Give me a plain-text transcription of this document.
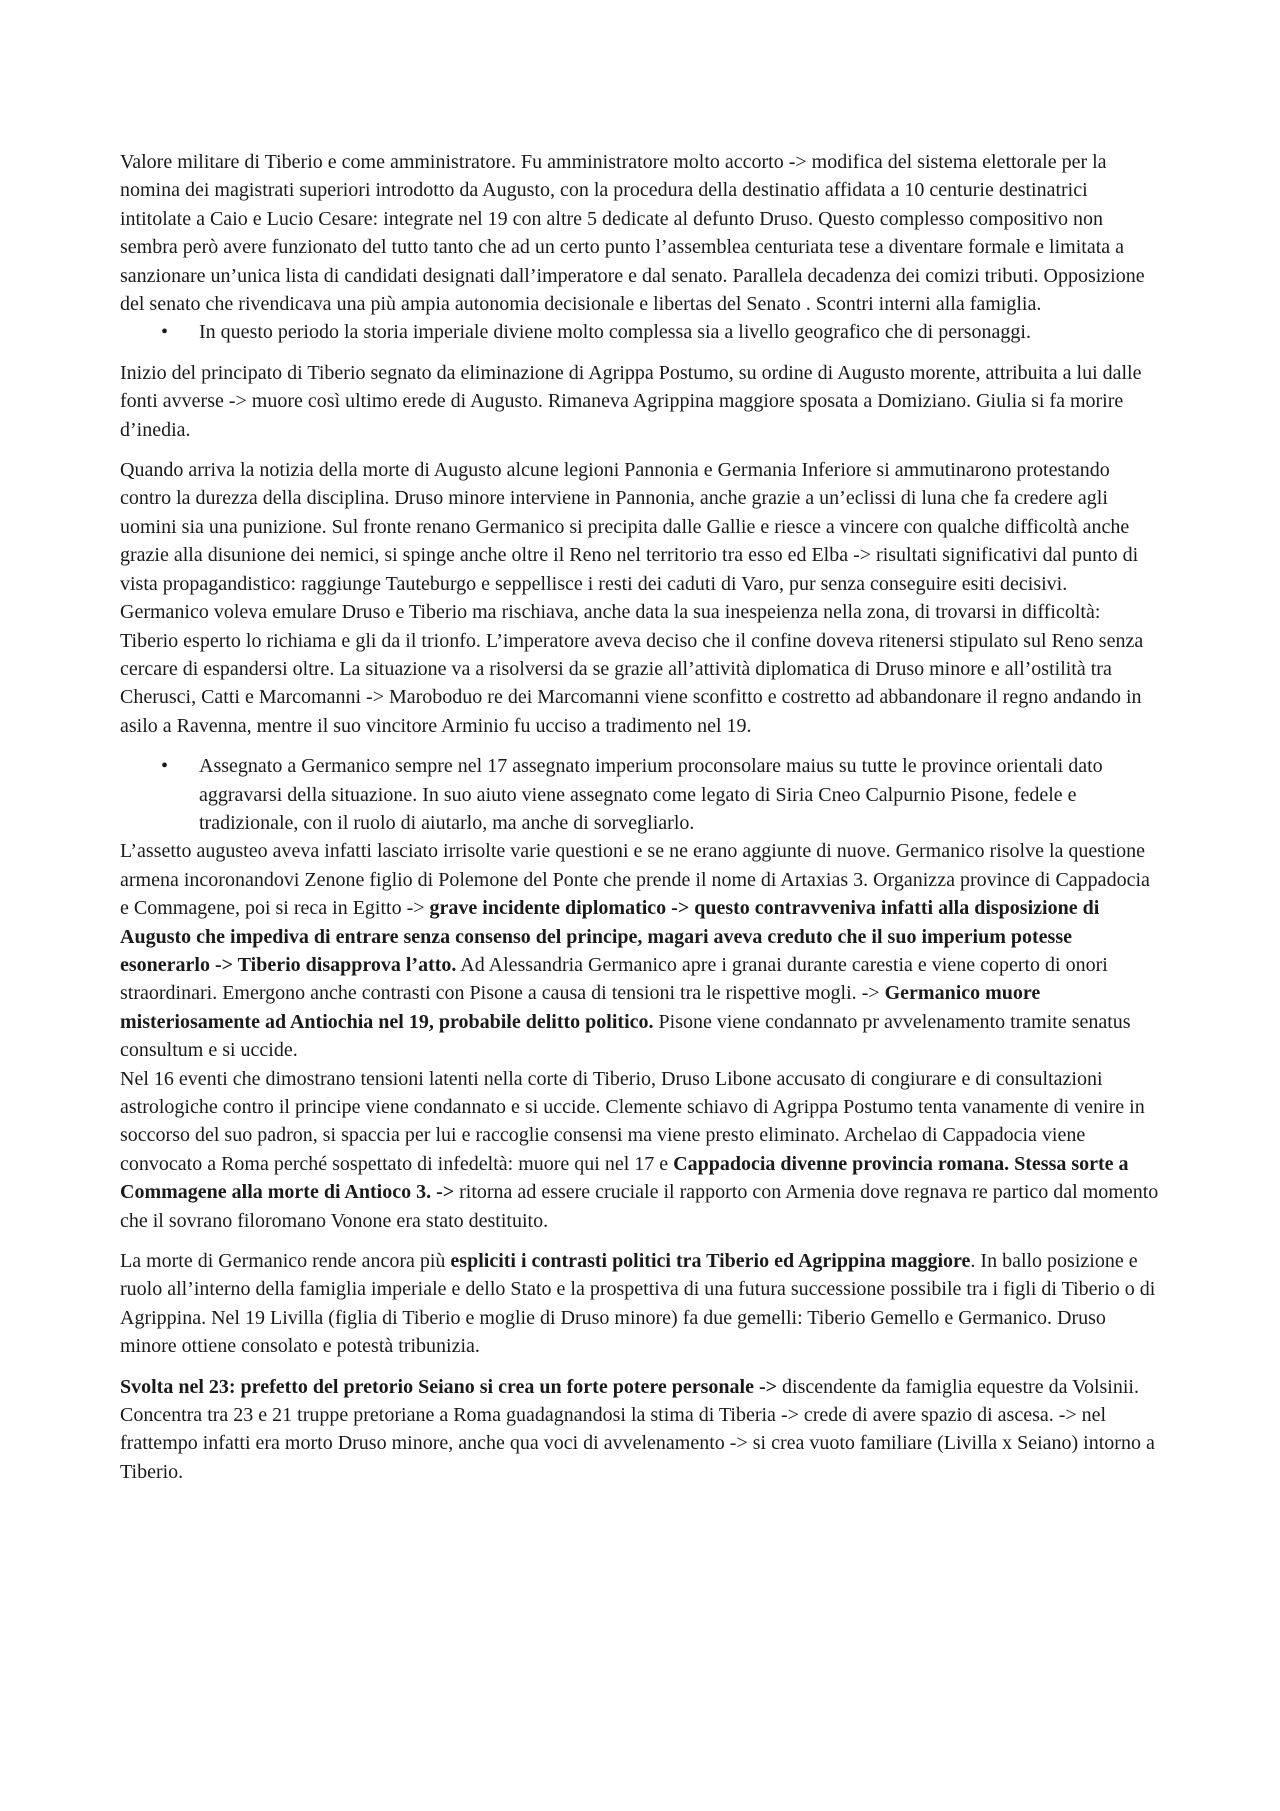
Valore militare di Tiberio e come amministratore. Fu amministratore molto accorto -> modifica del sistema elettorale per la nomina dei magistrati superiori introdotto da Augusto, con la procedura della destinatio affidata a 10 centurie destinatrici intitolate a Caio e Lucio Cesare: integrate nel 19 con altre 5 dedicate al defunto Druso. Questo complesso compositivo non sembra però avere funzionato del tutto tanto che ad un certo punto l’assemblea centuriata tese a diventare formale e limitata a sanzionare un’unica lista di candidati designati dall’imperatore e dal senato. Parallela decadenza dei comizi tributi. Opposizione del senato che rivendicava una più ampia autonomia decisionale e libertas del Senato . Scontri interni alla famiglia.
• In questo periodo la storia imperiale diviene molto complessa sia a livello geografico che di personaggi.
Inizio del principato di Tiberio segnato da eliminazione di Agrippa Postumo, su ordine di Augusto morente, attribuita a lui dalle fonti avverse -> muore così ultimo erede di Augusto. Rimaneva Agrippina maggiore sposata a Domiziano. Giulia si fa morire d’inedia.
Quando arriva la notizia della morte di Augusto alcune legioni Pannonia e Germania Inferiore si ammutinarono protestando contro la durezza della disciplina. Druso minore interviene in Pannonia, anche grazie a un’eclissi di luna che fa credere agli uomini sia una punizione. Sul fronte renano Germanico si precipita dalle Gallie e riesce a vincere con qualche difficoltà anche grazie alla disunione dei nemici, si spinge anche oltre il Reno nel territorio tra esso ed Elba -> risultati significativi dal punto di vista propagandistico: raggiunge Tauteburgo e seppellisce i resti dei caduti di Varo, pur senza conseguire esiti decisivi. Germanico voleva emulare Druso e Tiberio ma rischiava, anche data la sua inespeienza nella zona, di trovarsi in difficoltà: Tiberio esperto lo richiama e gli da il trionfo. L’imperatore aveva deciso che il confine doveva ritenersi stipulato sul Reno senza cercare di espandersi oltre. La situazione va a risolversi da se grazie all’attività diplomatica di Druso minore e all’ostilità tra Cherusci, Catti e Marcomanni -> Maroboduo re dei Marcomanni viene sconfitto e costretto ad abbandonare il regno andando in asilo a Ravenna, mentre il suo vincitore Arminio fu ucciso a tradimento nel 19.
• Assegnato a Germanico sempre nel 17 assegnato imperium proconsolare maius su tutte le province orientali dato aggravarsi della situazione. In suo aiuto viene assegnato come legato di Siria Cneo Calpurnio Pisone, fedele e tradizionale, con il ruolo di aiutarlo, ma anche di sorvegliarlo.
L’assetto augusteo aveva infatti lasciato irrisolte varie questioni e se ne erano aggiunte di nuove. Germanico risolve la questione armena incoronandovi Zenone figlio di Polemone del Ponte che prende il nome di Artaxias 3. Organizza province di Cappadocia e Commagene, poi si reca in Egitto -> grave incidente diplomatico -> questo contravveniva infatti alla disposizione di Augusto che impediva di entrare senza consenso del principe, magari aveva creduto che il suo imperium potesse esonerarlo -> Tiberio disapprova l’atto. Ad Alessandria Germanico apre i granai durante carestia e viene coperto di onori straordinari. Emergono anche contrasti con Pisone a causa di tensioni tra le rispettive mogli. -> Germanico muore misteriosamente ad Antiochia nel 19, probabile delitto politico. Pisone viene condannato pr avvelenamento tramite senatus consultum e si uccide.
Nel 16 eventi che dimostrano tensioni latenti nella corte di Tiberio, Druso Libone accusato di congiurare e di consultazioni astrologiche contro il principe viene condannato e si uccide. Clemente schiavo di Agrippa Postumo tenta vanamente di venire in soccorso del suo padron, si spaccia per lui e raccoglie consensi ma viene presto eliminato. Archelao di Cappadocia viene convocato a Roma perché sospettato di infedeltà: muore qui nel 17 e Cappadocia divenne provincia romana. Stessa sorte a Commagene alla morte di Antioco 3. -> ritorna ad essere cruciale il rapporto con Armenia dove regnava re partico dal momento che il sovrano filoromano Vonone era stato destituito.
La morte di Germanico rende ancora più espliciti i contrasti politici tra Tiberio ed Agrippina maggiore. In ballo posizione e ruolo all’interno della famiglia imperiale e dello Stato e la prospettiva di una futura successione possibile tra i figli di Tiberio o di Agrippina. Nel 19 Livilla (figlia di Tiberio e moglie di Druso minore) fa due gemelli: Tiberio Gemello e Germanico. Druso minore ottiene consolato e potestà tribunizia.
Svolta nel 23: prefetto del pretorio Seiano si crea un forte potere personale -> discendente da famiglia equestre da Volsinii. Concentra tra 23 e 21 truppe pretoriane a Roma guadagnandosi la stima di Tiberia -> crede di avere spazio di ascesa. -> nel frattempo infatti era morto Druso minore, anche qua voci di avvelenamento -> si crea vuoto familiare (Livilla x Seiano) intorno a Tiberio.
